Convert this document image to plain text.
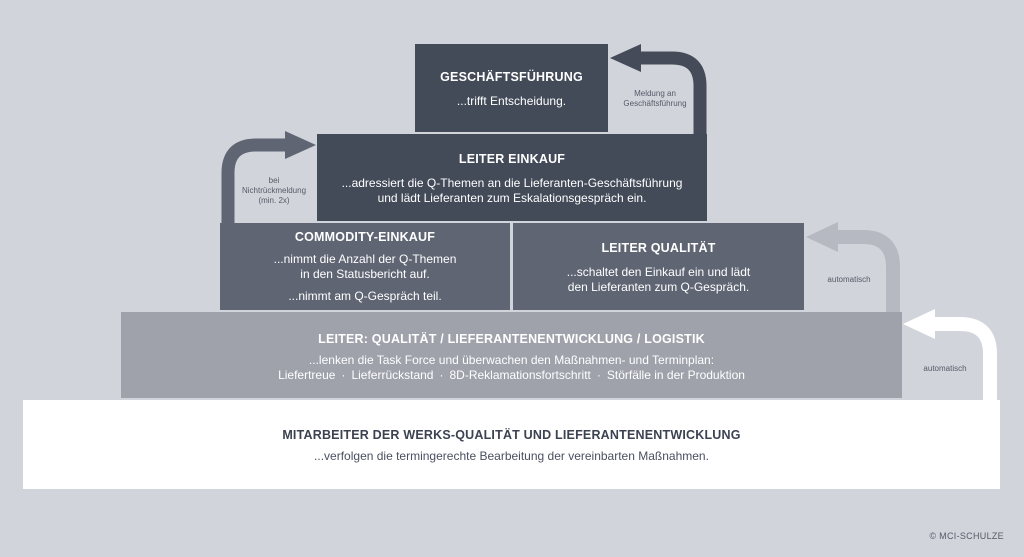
GESCHÄFTSFÜHRUNG
...trifft Entscheidung.
LEITER EINKAUF
...adressiert die Q-Themen an die Lieferanten-Geschäftsführung
und lädt Lieferanten zum Eskalationsgespräch ein.
COMMODITY-EINKAUF
...nimmt die Anzahl der Q-Themen
in den Statusbericht auf.
...nimmt am Q-Gespräch teil.
LEITER QUALITÄT
...schaltet den Einkauf ein und lädt
den Lieferanten zum Q-Gespräch.
LEITER: QUALITÄT / LIEFERANTENENTWICKLUNG / LOGISTIK
...lenken die Task Force und überwachen den Maßnahmen- und Terminplan:
Liefertreue · Lieferrückstand · 8D-Reklamationsfortschritt · Störfälle in der Produktion
MITARBEITER DER WERKS-QUALITÄT UND LIEFERANTENENTWICKLUNG
...verfolgen die termingerechte Bearbeitung der vereinbarten Maßnahmen.
Meldung an
Geschäftsführung
bei
Nichtrückmeldung
(min. 2x)
automatisch
automatisch
© MCI-SCHULZE
